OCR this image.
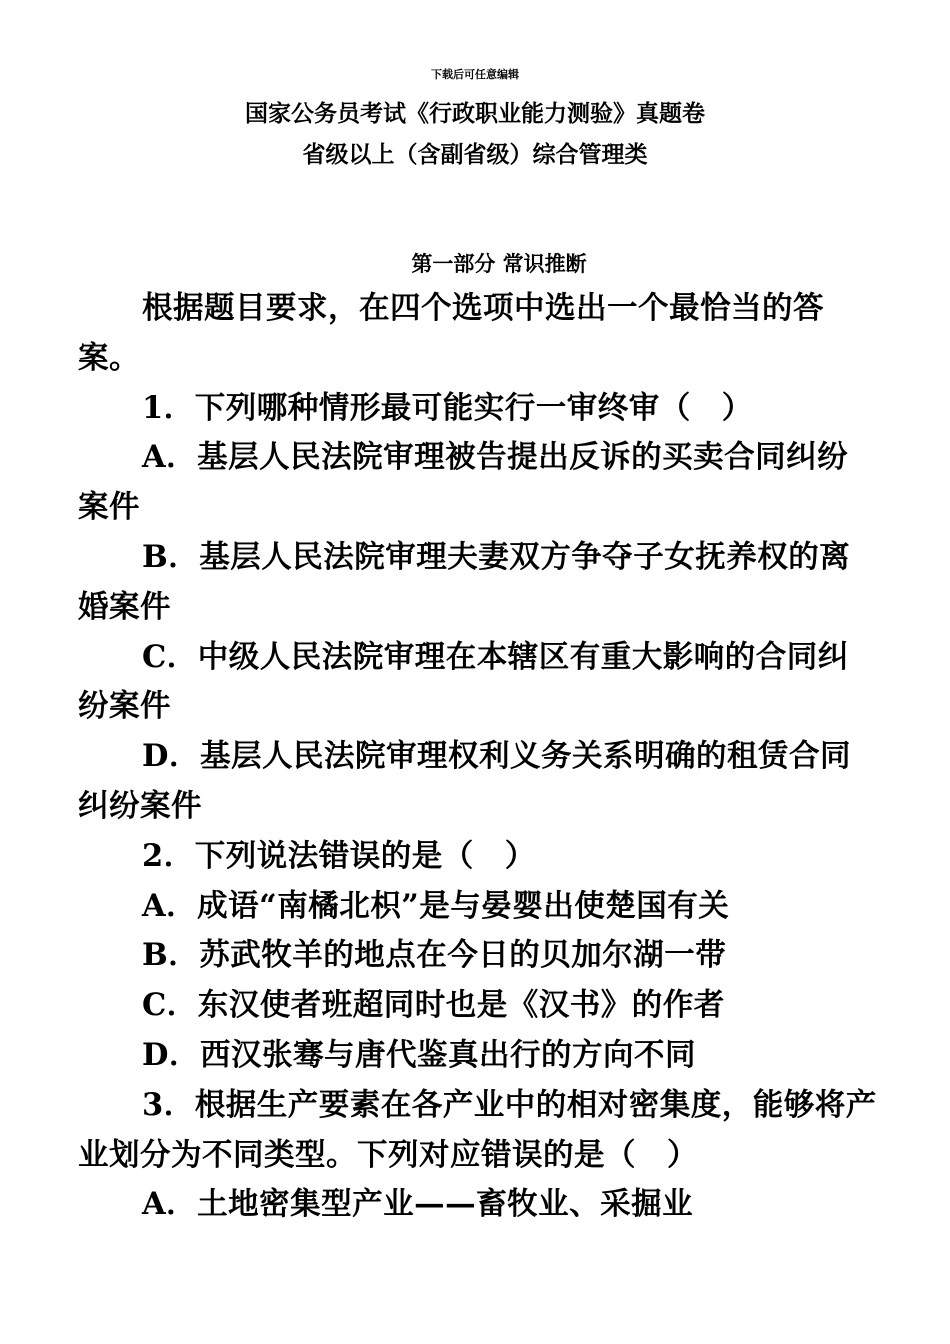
下载后可任意编辑
国家公务员考试《行政职业能力测验》真题卷
省级以上（含副省级）综合管理类
第一部分 常识推断

根据题目要求，在四个选项中选出一个最恰当的答案。

1．下列哪种情形最可能实行一审终审（　）

A．基层人民法院审理被告提出反诉的买卖合同纠纷案件

B．基层人民法院审理夫妻双方争夺子女抚养权的离婚案件

C．中级人民法院审理在本辖区有重大影响的合同纠纷案件

D．基层人民法院审理权利义务关系明确的租赁合同纠纷案件

2．下列说法错误的是（　）

A．成语“南橘北枳”是与晏婴出使楚国有关

B．苏武牧羊的地点在今日的贝加尔湖一带

C．东汉使者班超同时也是《汉书》的作者

D．西汉张骞与唐代鉴真出行的方向不同

3．根据生产要素在各产业中的相对密集度，能够将产业划分为不同类型。下列对应错误的是（　）

A．土地密集型产业——畜牧业、采掘业
